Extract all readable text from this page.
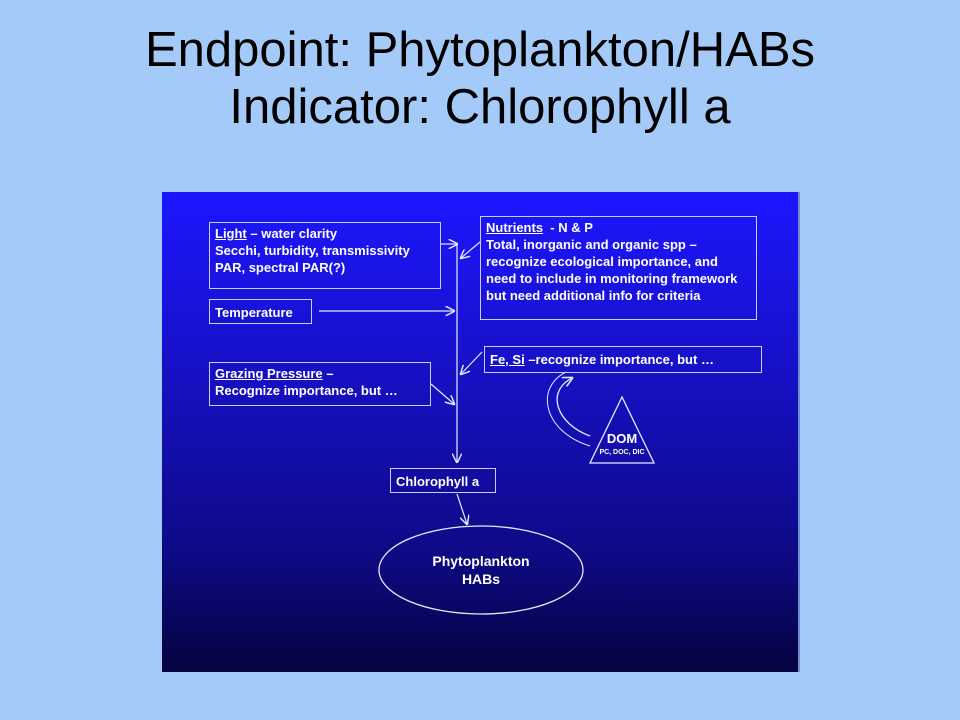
Endpoint: Phytoplankton/HABs
Indicator: Chlorophyll a
Light – water clarity
Secchi, turbidity, transmissivity
PAR, spectral PAR(?)
Temperature
Nutrients  - N & P
Total, inorganic and organic spp – recognize ecological importance, and need to include in monitoring framework but need additional info for criteria
Grazing Pressure –
Recognize importance, but …
Fe, Si –recognize importance, but …
DOM
PC, DOC, DIC
Chlorophyll a
Phytoplankton
HABs
